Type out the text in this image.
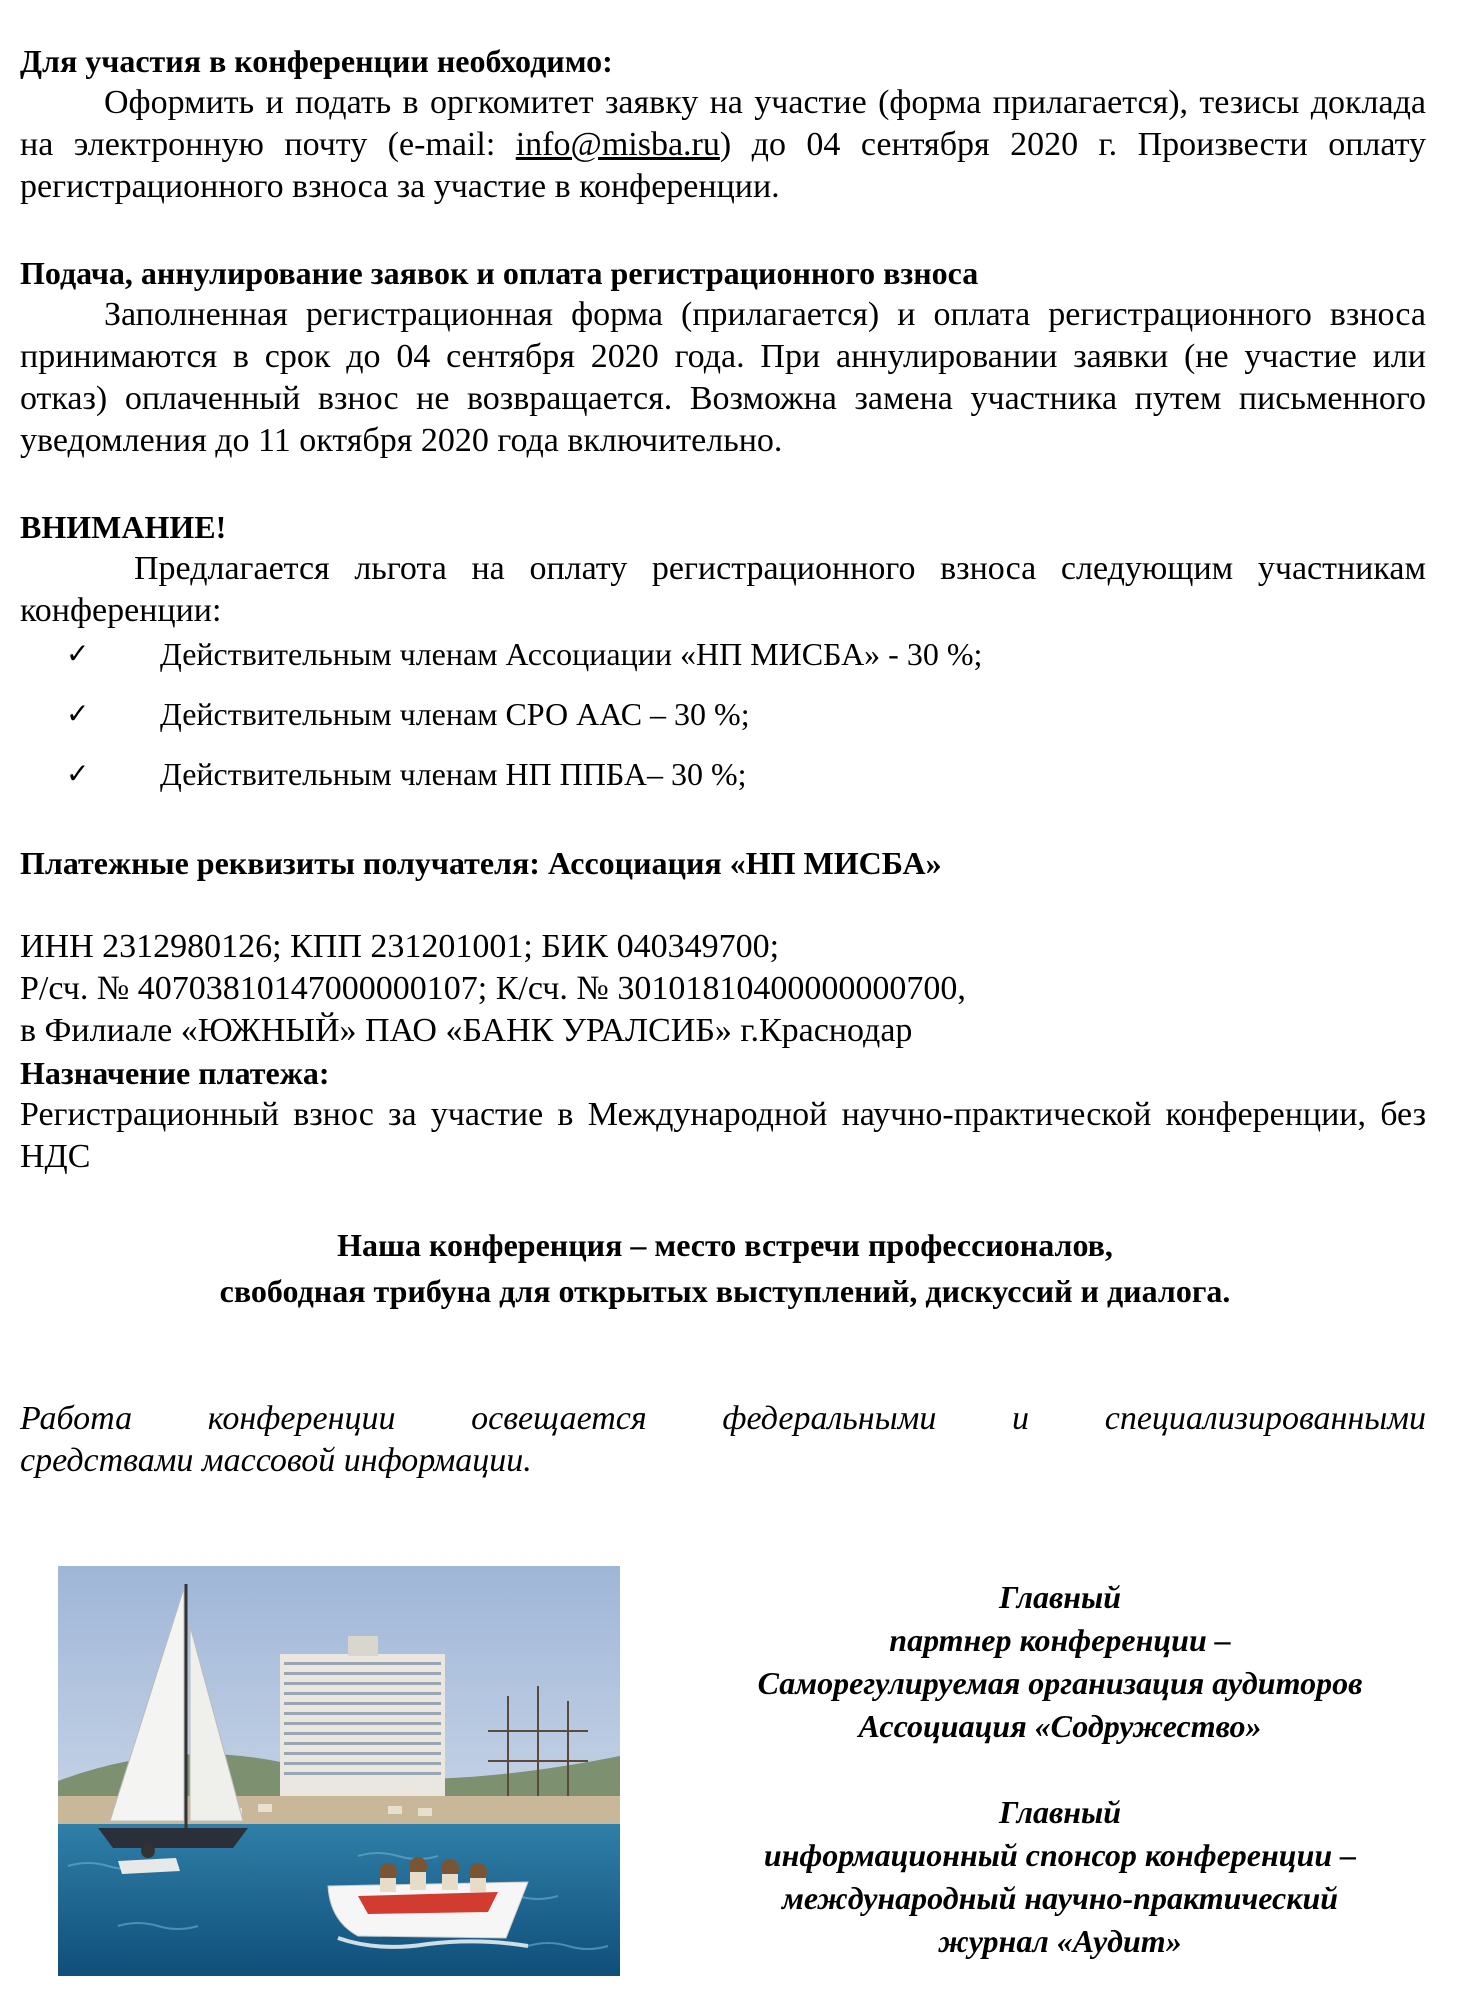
Для участия в конференции необходимо:

Оформить и подать в оргкомитет заявку на участие (форма прилагается), тезисы доклада на электронную почту (e-mail: info@misba.ru) до 04 сентября 2020 г. Произвести оплату регистрационного взноса за участие в конференции.

Подача, аннулирование заявок и оплата регистрационного взноса

Заполненная регистрационная форма (прилагается) и оплата регистрационного взноса принимаются в срок до 04 сентября 2020 года. При аннулировании заявки (не участие или отказ) оплаченный взнос не возвращается. Возможна замена участника путем письменного уведомления до 11 октября 2020 года включительно.

ВНИМАНИЕ!

Предлагается льгота на оплату регистрационного взноса следующим участникам конференции:

✓	Действительным членам Ассоциации «НП МИСБА» - 30 %;
✓	Действительным членам СРО ААС – 30 %;
✓	Действительным членам НП ППБА– 30 %;

Платежные реквизиты получателя: Ассоциация «НП МИСБА»

ИНН 2312980126; КПП 231201001; БИК 040349700;

Р/сч. № 40703810147000000107; К/сч. № 30101810400000000700,

в Филиале «ЮЖНЫЙ» ПАО «БАНК УРАЛСИБ» г.Краснодар

Назначение платежа:

Регистрационный взнос за участие в Международной научно-практической конференции, без НДС

Наша конференция – место встречи профессионалов,

свободная трибуна для открытых выступлений, дискуссий и диалога.

Работа конференции освещается федеральными и специализированными
средствами массовой информации.

Главный

партнер конференции –

Саморегулируемая организация аудиторов

Ассоциация «Содружество»

Главный

информационный спонсор конференции –

международный научно-практический

журнал «Аудит»
